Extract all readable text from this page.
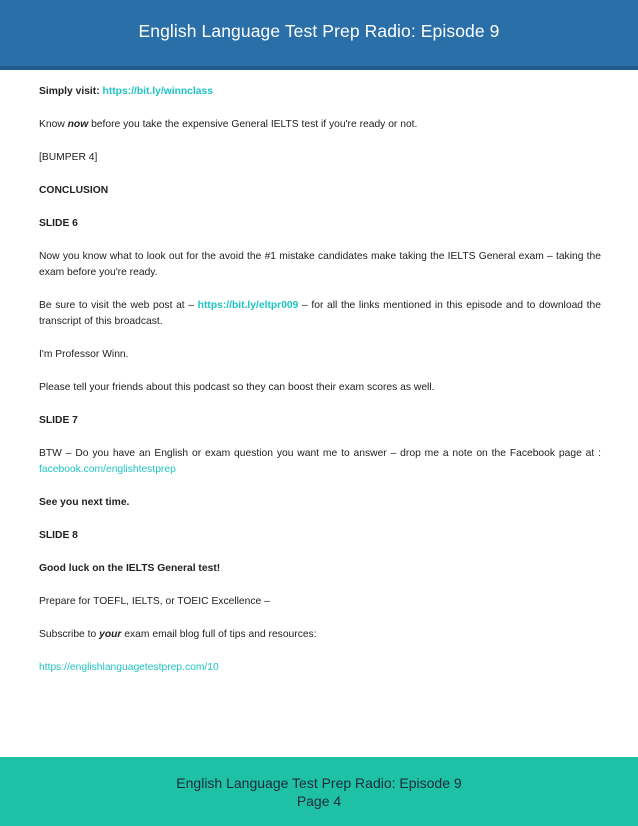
English Language Test Prep Radio: Episode 9

Simply visit: https://bit.ly/winnclass

Know now before you take the expensive General IELTS test if you're ready or not.

[BUMPER 4]

CONCLUSION

SLIDE 6

Now you know what to look out for the avoid the #1 mistake candidates make taking the IELTS General exam – taking the exam before you're ready.

Be sure to visit the web post at – https://bit.ly/eltpr009 – for all the links mentioned in this episode and to download the transcript of this broadcast.

I'm Professor Winn.

Please tell your friends about this podcast so they can boost their exam scores as well.

SLIDE 7

BTW – Do you have an English or exam question you want me to answer – drop me a note on the Facebook page at : facebook.com/englishtestprep

See you next time.

SLIDE 8

Good luck on the IELTS General test!

Prepare for TOEFL, IELTS, or TOEIC Excellence –

Subscribe to your exam email blog full of tips and resources:

https://englishlanguagetestprep.com/10

English Language Test Prep Radio: Episode 9
Page 4
